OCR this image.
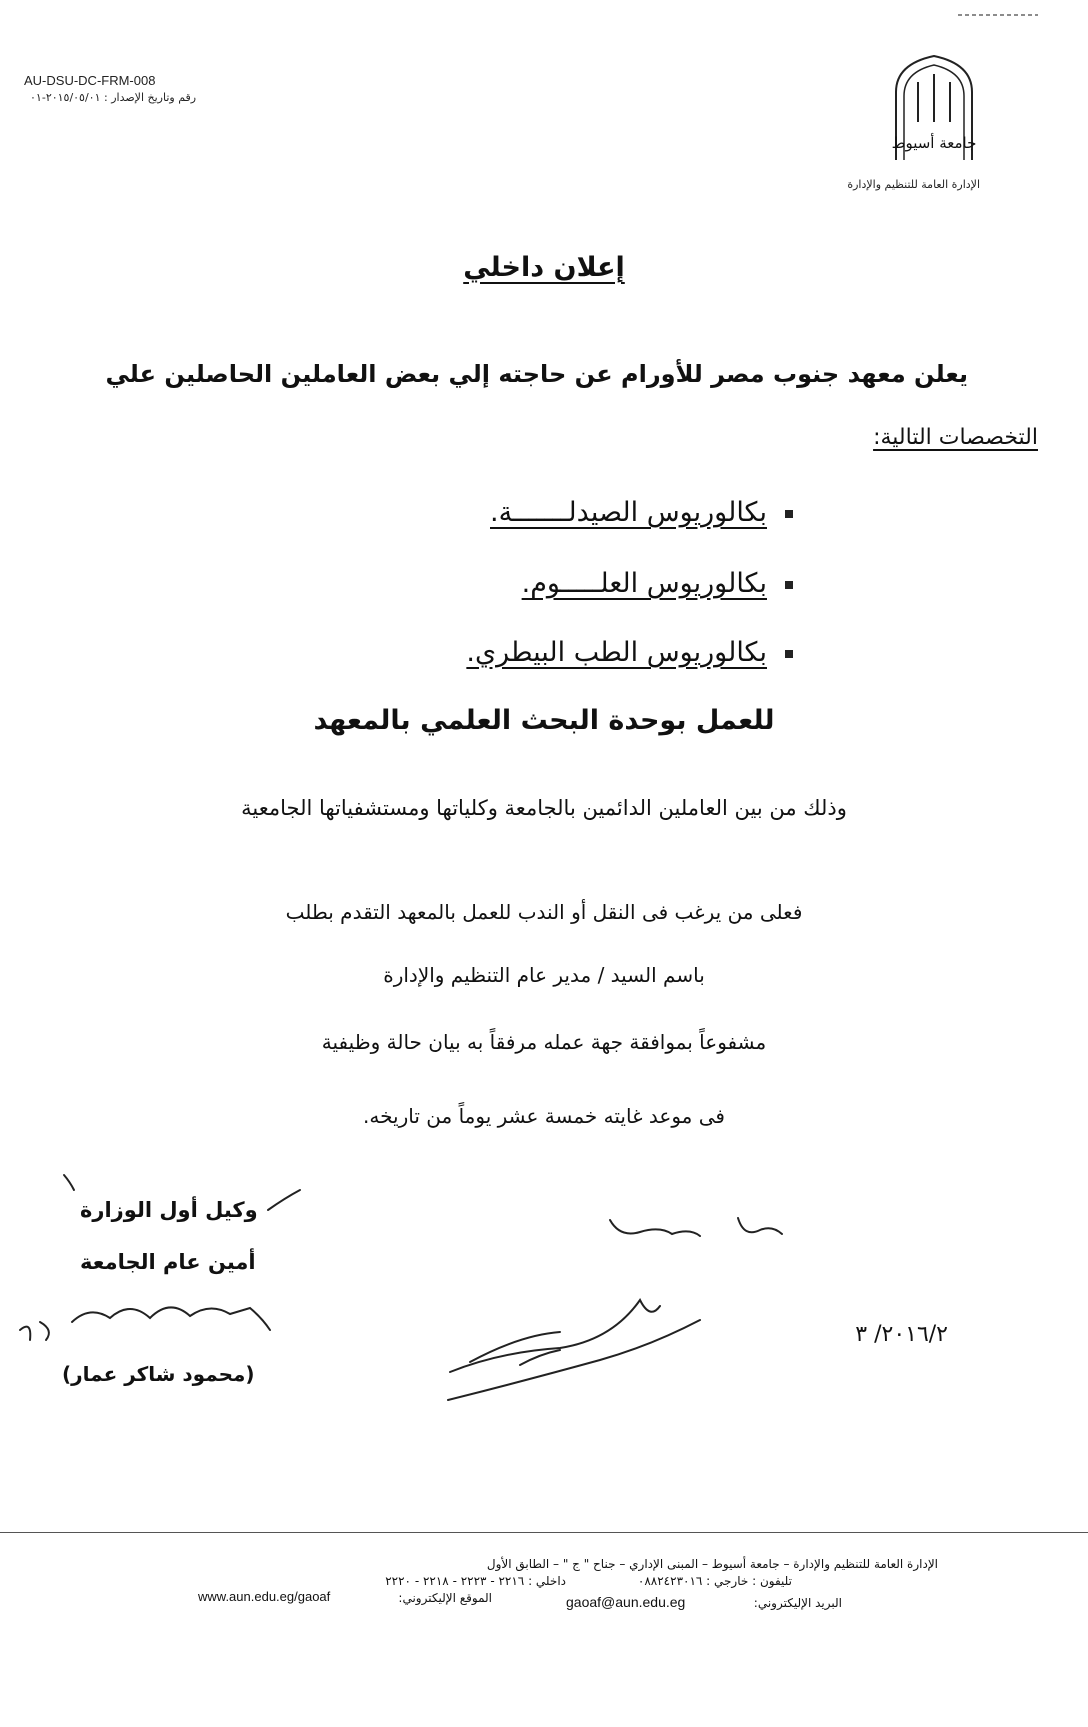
AU-DSU-DC-FRM-008
رقم وتاريخ الإصدار : ٢٠١٥/٠٥/٠١-٠١
جامعة أسيوط
الإدارة العامة للتنظيم والإدارة
إعلان داخلي
يعلن معهد جنوب مصر للأورام عن حاجته إلي بعض العاملين الحاصلين علي
التخصصات التالية:
بكالوريوس الصيدلـــــــة.
بكالوريوس العلـــــوم.
بكالوريوس الطب البيطري.
للعمل بوحدة البحث العلمي بالمعهد
وذلك من بين العاملين الدائمين بالجامعة وكلياتها ومستشفياتها الجامعية
فعلى من يرغب فى النقل أو الندب للعمل بالمعهد التقدم بطلب
باسم السيد / مدير عام التنظيم والإدارة
مشفوعاً بموافقة جهة عمله مرفقاً به بيان حالة وظيفية
فى موعد غايته خمسة عشر يوماً من تاريخه.
وكيل أول الوزارة
أمين عام الجامعة
(محمود شاكر عمار)
٢٠١٦/٢/ ٣
الإدارة العامة للتنظيم والإدارة – جامعة أسيوط – المبنى الإداري – جناح " ج " – الطابق الأول
تليفون : خارجي : ٠٨٨٢٤٢٣٠١٦
داخلي : ٢٢١٦ - ٢٢٢٣ - ٢٢١٨ - ٢٢٢٠
الموقع الإليكتروني:
www.aun.edu.eg/gaoaf	البريد الإليكتروني:
gaoaf@aun.edu.eg
